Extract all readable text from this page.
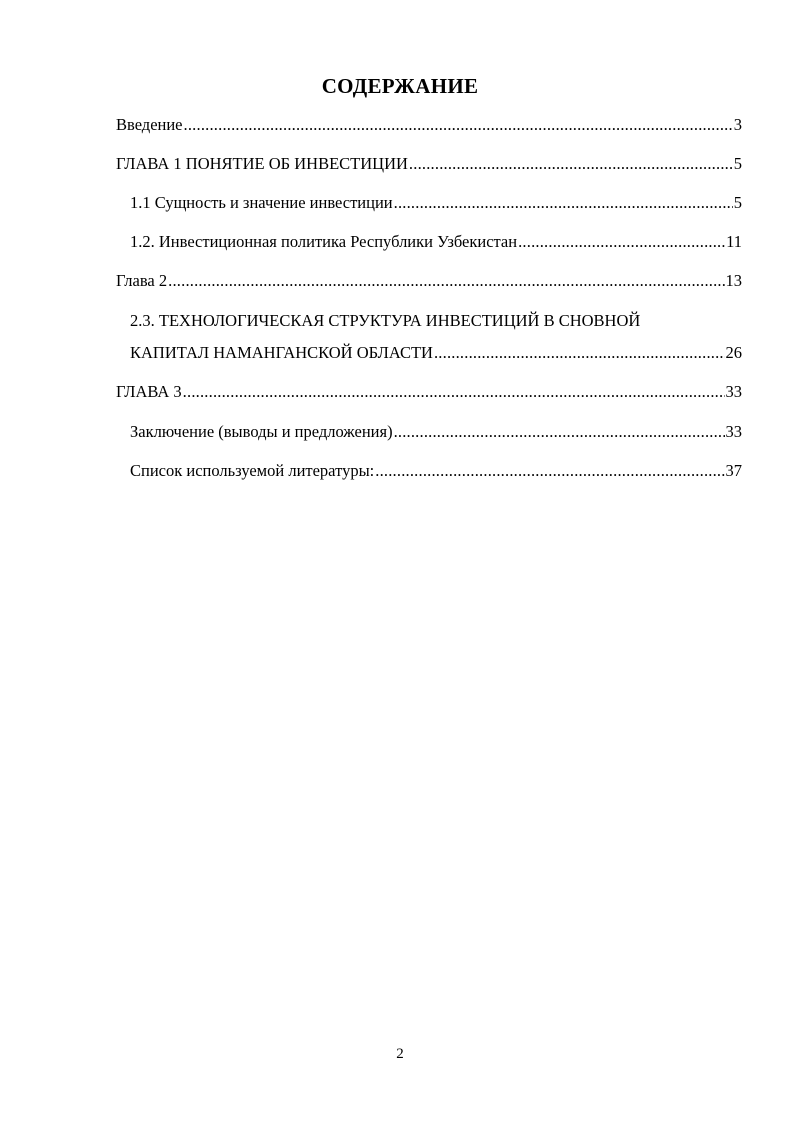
СОДЕРЖАНИЕ
Введение .....	3
ГЛАВА 1 ПОНЯТИЕ ОБ ИНВЕСТИЦИИ .....	5
1.1 Сущность и значение инвестиции .....	5
1.2. Инвестиционная политика Республики Узбекистан .....	11
Глава 2 .....	13
2.3. ТЕХНОЛОГИЧЕСКАЯ СТРУКТУРА ИНВЕСТИЦИЙ В СНОВНОЙ
КАПИТАЛ НАМАНГАНСКОЙ ОБЛАСТИ .....	26
ГЛАВА 3 .....	33
Заключение (выводы и предложения) .....	33
Список используемой литературы: .....	37
2
